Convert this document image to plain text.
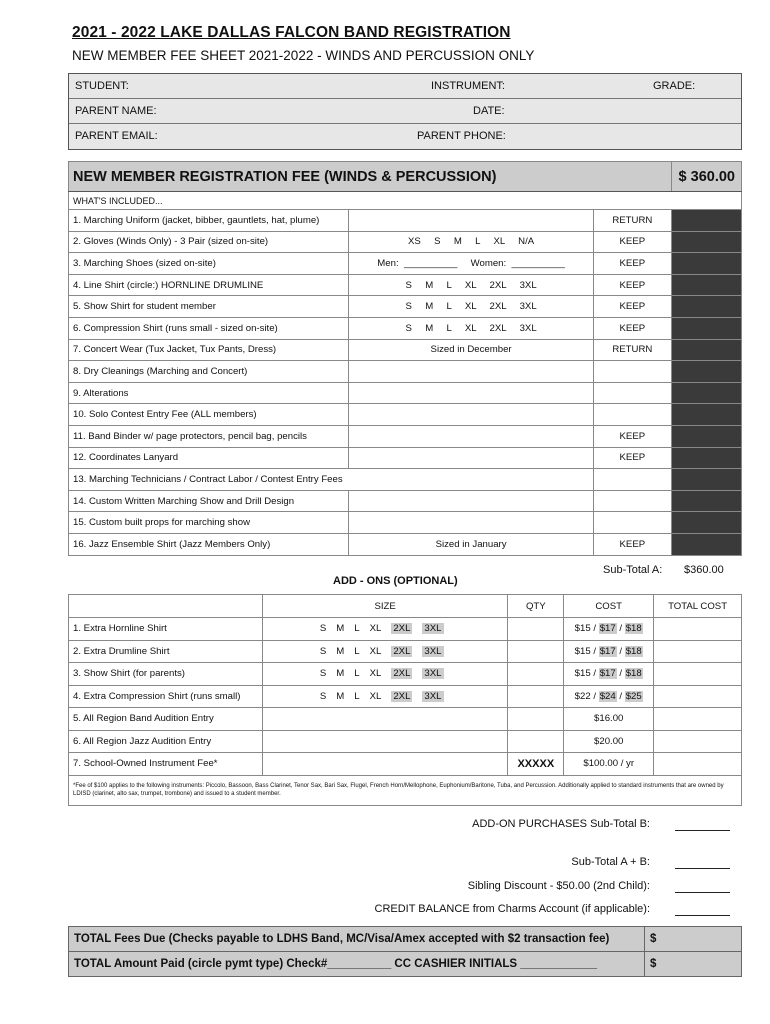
2021 - 2022 LAKE DALLAS FALCON BAND REGISTRATION
NEW MEMBER FEE SHEET 2021-2022 - WINDS AND PERCUSSION ONLY
STUDENT:	INSTRUMENT:	GRADE:
PARENT NAME:	DATE:
PARENT EMAIL:	PARENT PHONE:
NEW MEMBER REGISTRATION FEE (WINDS & PERCUSSION)			$ 360.00
WHAT'S INCLUDED...			
1. Marching Uniform (jacket, bibber, gauntlets, hat, plume)		RETURN	
2. Gloves (Winds Only) - 3 Pair (sized on-site)	XS     S     M     L     XL     N/A	KEEP	
3. Marching Shoes (sized on-site)	Men:  __________     Women:  __________	KEEP	
4. Line Shirt (circle:) HORNLINE DRUMLINE	S     M     L     XL     2XL     3XL	KEEP	
5. Show Shirt for student member	S     M     L     XL     2XL     3XL	KEEP	
6. Compression Shirt (runs small - sized on-site)	S     M     L     XL     2XL     3XL	KEEP	
7. Concert Wear (Tux Jacket, Tux Pants, Dress)	Sized in December	RETURN	
8. Dry Cleanings (Marching and Concert)			
9. Alterations			
10. Solo Contest Entry Fee (ALL members)			
11. Band Binder w/ page protectors, pencil bag, pencils		KEEP	
12. Coordinates Lanyard		KEEP	
13. Marching Technicians / Contract Labor / Contest Entry Fees			
14. Custom Written Marching Show and Drill Design			
15. Custom built props for marching show			
16. Jazz Ensemble Shirt (Jazz Members Only)	Sized in January	KEEP	
Sub-Total A: $360.00
ADD - ONS (OPTIONAL)
	SIZE	QTY	COST	TOTAL COST
1. Extra Hornline Shirt	S M L XL 2XL 3XL		$15 / $17 / $18	
2. Extra Drumline Shirt	S M L XL 2XL 3XL		$15 / $17 / $18	
3. Show Shirt (for parents)	S M L XL 2XL 3XL		$15 / $17 / $18	
4. Extra Compression Shirt (runs small)	S M L XL 2XL 3XL		$22 / $24 / $25	
5. All Region Band Audition Entry			$16.00	
6. All Region Jazz Audition Entry			$20.00	
7. School-Owned Instrument Fee*		XXXXX	$100.00 / yr	
*Fee of $100 applies to the following instruments: Piccolo, Bassoon, Bass Clarinet, Tenor Sax, Bari Sax, Flugel, French Horn/Mellophone, Euphonium/Baritone, Tuba, and Percussion. Additionally applied to standard instruments that are owned by LDISD (clarinet, alto sax, trumpet, trombone) and issued to a student member.				
ADD-ON PURCHASES Sub-Total B:
Sub-Total A + B:
Sibling Discount - $50.00 (2nd Child):
CREDIT BALANCE from Charms Account (if applicable):
TOTAL Fees Due (Checks payable to LDHS Band, MC/Visa/Amex accepted with $2 transaction fee)	$
TOTAL Amount Paid (circle pymt type) Check#__________ CC CASHIER INITIALS ____________	$
